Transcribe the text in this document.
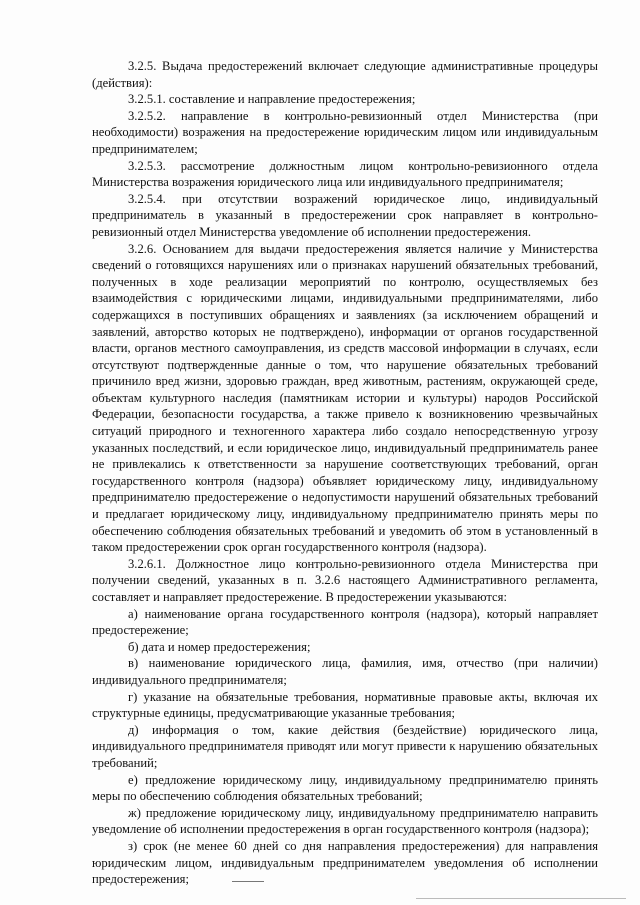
3.2.5. Выдача предостережений включает следующие административные процедуры (действия):

3.2.5.1. составление и направление предостережения;

3.2.5.2. направление в контрольно-ревизионный отдел Министерства (при необходимости) возражения на предостережение юридическим лицом или индивидуальным предпринимателем;

3.2.5.3. рассмотрение должностным лицом контрольно-ревизионного отдела Министерства возражения юридического лица или индивидуального предпринимателя;

3.2.5.4. при отсутствии возражений юридическое лицо, индивидуальный предприниматель в указанный в предостережении срок направляет в контрольно-ревизионный отдел Министерства уведомление об исполнении предостережения.

3.2.6. Основанием для выдачи предостережения является наличие у Министерства сведений о готовящихся нарушениях или о признаках нарушений обязательных требований, полученных в ходе реализации мероприятий по контролю, осуществляемых без взаимодействия с юридическими лицами, индивидуальными предпринимателями, либо содержащихся в поступивших обращениях и заявлениях (за исключением обращений и заявлений, авторство которых не подтверждено), информации от органов государственной власти, органов местного самоуправления, из средств массовой информации в случаях, если отсутствуют подтвержденные данные о том, что нарушение обязательных требований причинило вред жизни, здоровью граждан, вред животным, растениям, окружающей среде, объектам культурного наследия (памятникам истории и культуры) народов Российской Федерации, безопасности государства, а также привело к возникновению чрезвычайных ситуаций природного и техногенного характера либо создало непосредственную угрозу указанных последствий, и если юридическое лицо, индивидуальный предприниматель ранее не привлекались к ответственности за нарушение соответствующих требований, орган государственного контроля (надзора) объявляет юридическому лицу, индивидуальному предпринимателю предостережение о недопустимости нарушений обязательных требований и предлагает юридическому лицу, индивидуальному предпринимателю принять меры по обеспечению соблюдения обязательных требований и уведомить об этом в установленный в таком предостережении срок орган государственного контроля (надзора).

3.2.6.1. Должностное лицо контрольно-ревизионного отдела Министерства при получении сведений, указанных в п. 3.2.6 настоящего Административного регламента, составляет и направляет предостережение. В предостережении указываются:

а) наименование органа государственного контроля (надзора), который направляет предостережение;

б) дата и номер предостережения;

в) наименование юридического лица, фамилия, имя, отчество (при наличии) индивидуального предпринимателя;

г) указание на обязательные требования, нормативные правовые акты, включая их структурные единицы, предусматривающие указанные требования;

д) информация о том, какие действия (бездействие) юридического лица, индивидуального предпринимателя приводят или могут привести к нарушению обязательных требований;

е) предложение юридическому лицу, индивидуальному предпринимателю принять меры по обеспечению соблюдения обязательных требований;

ж) предложение юридическому лицу, индивидуальному предпринимателю направить уведомление об исполнении предостережения в орган государственного контроля (надзора);

з) срок (не менее 60 дней со дня направления предостережения) для направления юридическим лицом, индивидуальным предпринимателем уведомления об исполнении предостережения;
